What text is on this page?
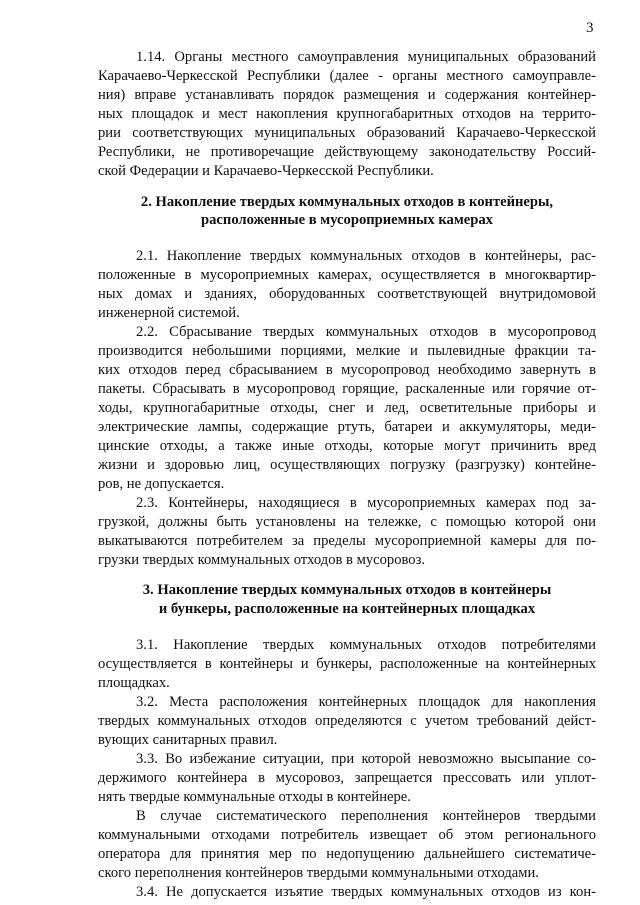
3
1.14. Органы местного самоуправления муниципальных образований
Карачаево-Черкесской Республики (далее - органы местного самоуправле-
ния) вправе устанавливать порядок размещения и содержания контейнер-
ных площадок и мест накопления крупногабаритных отходов на террито-
рии соответствующих муниципальных образований Карачаево-Черкесской
Республики, не противоречащие действующему законодательству Россий-
ской Федерации и Карачаево-Черкесской Республики.
2. Накопление твердых коммунальных отходов в контейнеры,
расположенные в мусороприемных камерах
2.1. Накопление твердых коммунальных отходов в контейнеры, рас-
положенные в мусороприемных камерах, осуществляется в многоквартир-
ных домах и зданиях, оборудованных соответствующей внутридомовой
инженерной системой.
2.2. Сбрасывание твердых коммунальных отходов в мусоропровод
производится небольшими порциями, мелкие и пылевидные фракции та-
ких отходов перед сбрасыванием в мусоропровод необходимо завернуть в
пакеты. Сбрасывать в мусоропровод горящие, раскаленные или горячие от-
ходы, крупногабаритные отходы, снег и лед, осветительные приборы и
электрические лампы, содержащие ртуть, батареи и аккумуляторы, меди-
цинские отходы, а также иные отходы, которые могут причинить вред
жизни и здоровью лиц, осуществляющих погрузку (разгрузку) контейне-
ров, не допускается.
2.3. Контейнеры, находящиеся в мусороприемных камерах под за-
грузкой, должны быть установлены на тележке, с помощью которой они
выкатываются потребителем за пределы мусороприемной камеры для по-
грузки твердых коммунальных отходов в мусоровоз.
3. Накопление твердых коммунальных отходов в контейнеры
и бункеры, расположенные на контейнерных площадках
3.1. Накопление твердых коммунальных отходов потребителями
осуществляется в контейнеры и бункеры, расположенные на контейнерных
площадках.
3.2. Места расположения контейнерных площадок для накопления
твердых коммунальных отходов определяются с учетом требований дейст-
вующих санитарных правил.
3.3. Во избежание ситуации, при которой невозможно высыпание со-
держимого контейнера в мусоровоз, запрещается прессовать или уплот-
нять твердые коммунальные отходы в контейнере.
В случае систематического переполнения контейнеров твердыми
коммунальными отходами потребитель извещает об этом регионального
оператора для принятия мер по недопущению дальнейшего систематиче-
ского переполнения контейнеров твердыми коммунальными отходами.
3.4. Не допускается изъятие твердых коммунальных отходов из кон-
